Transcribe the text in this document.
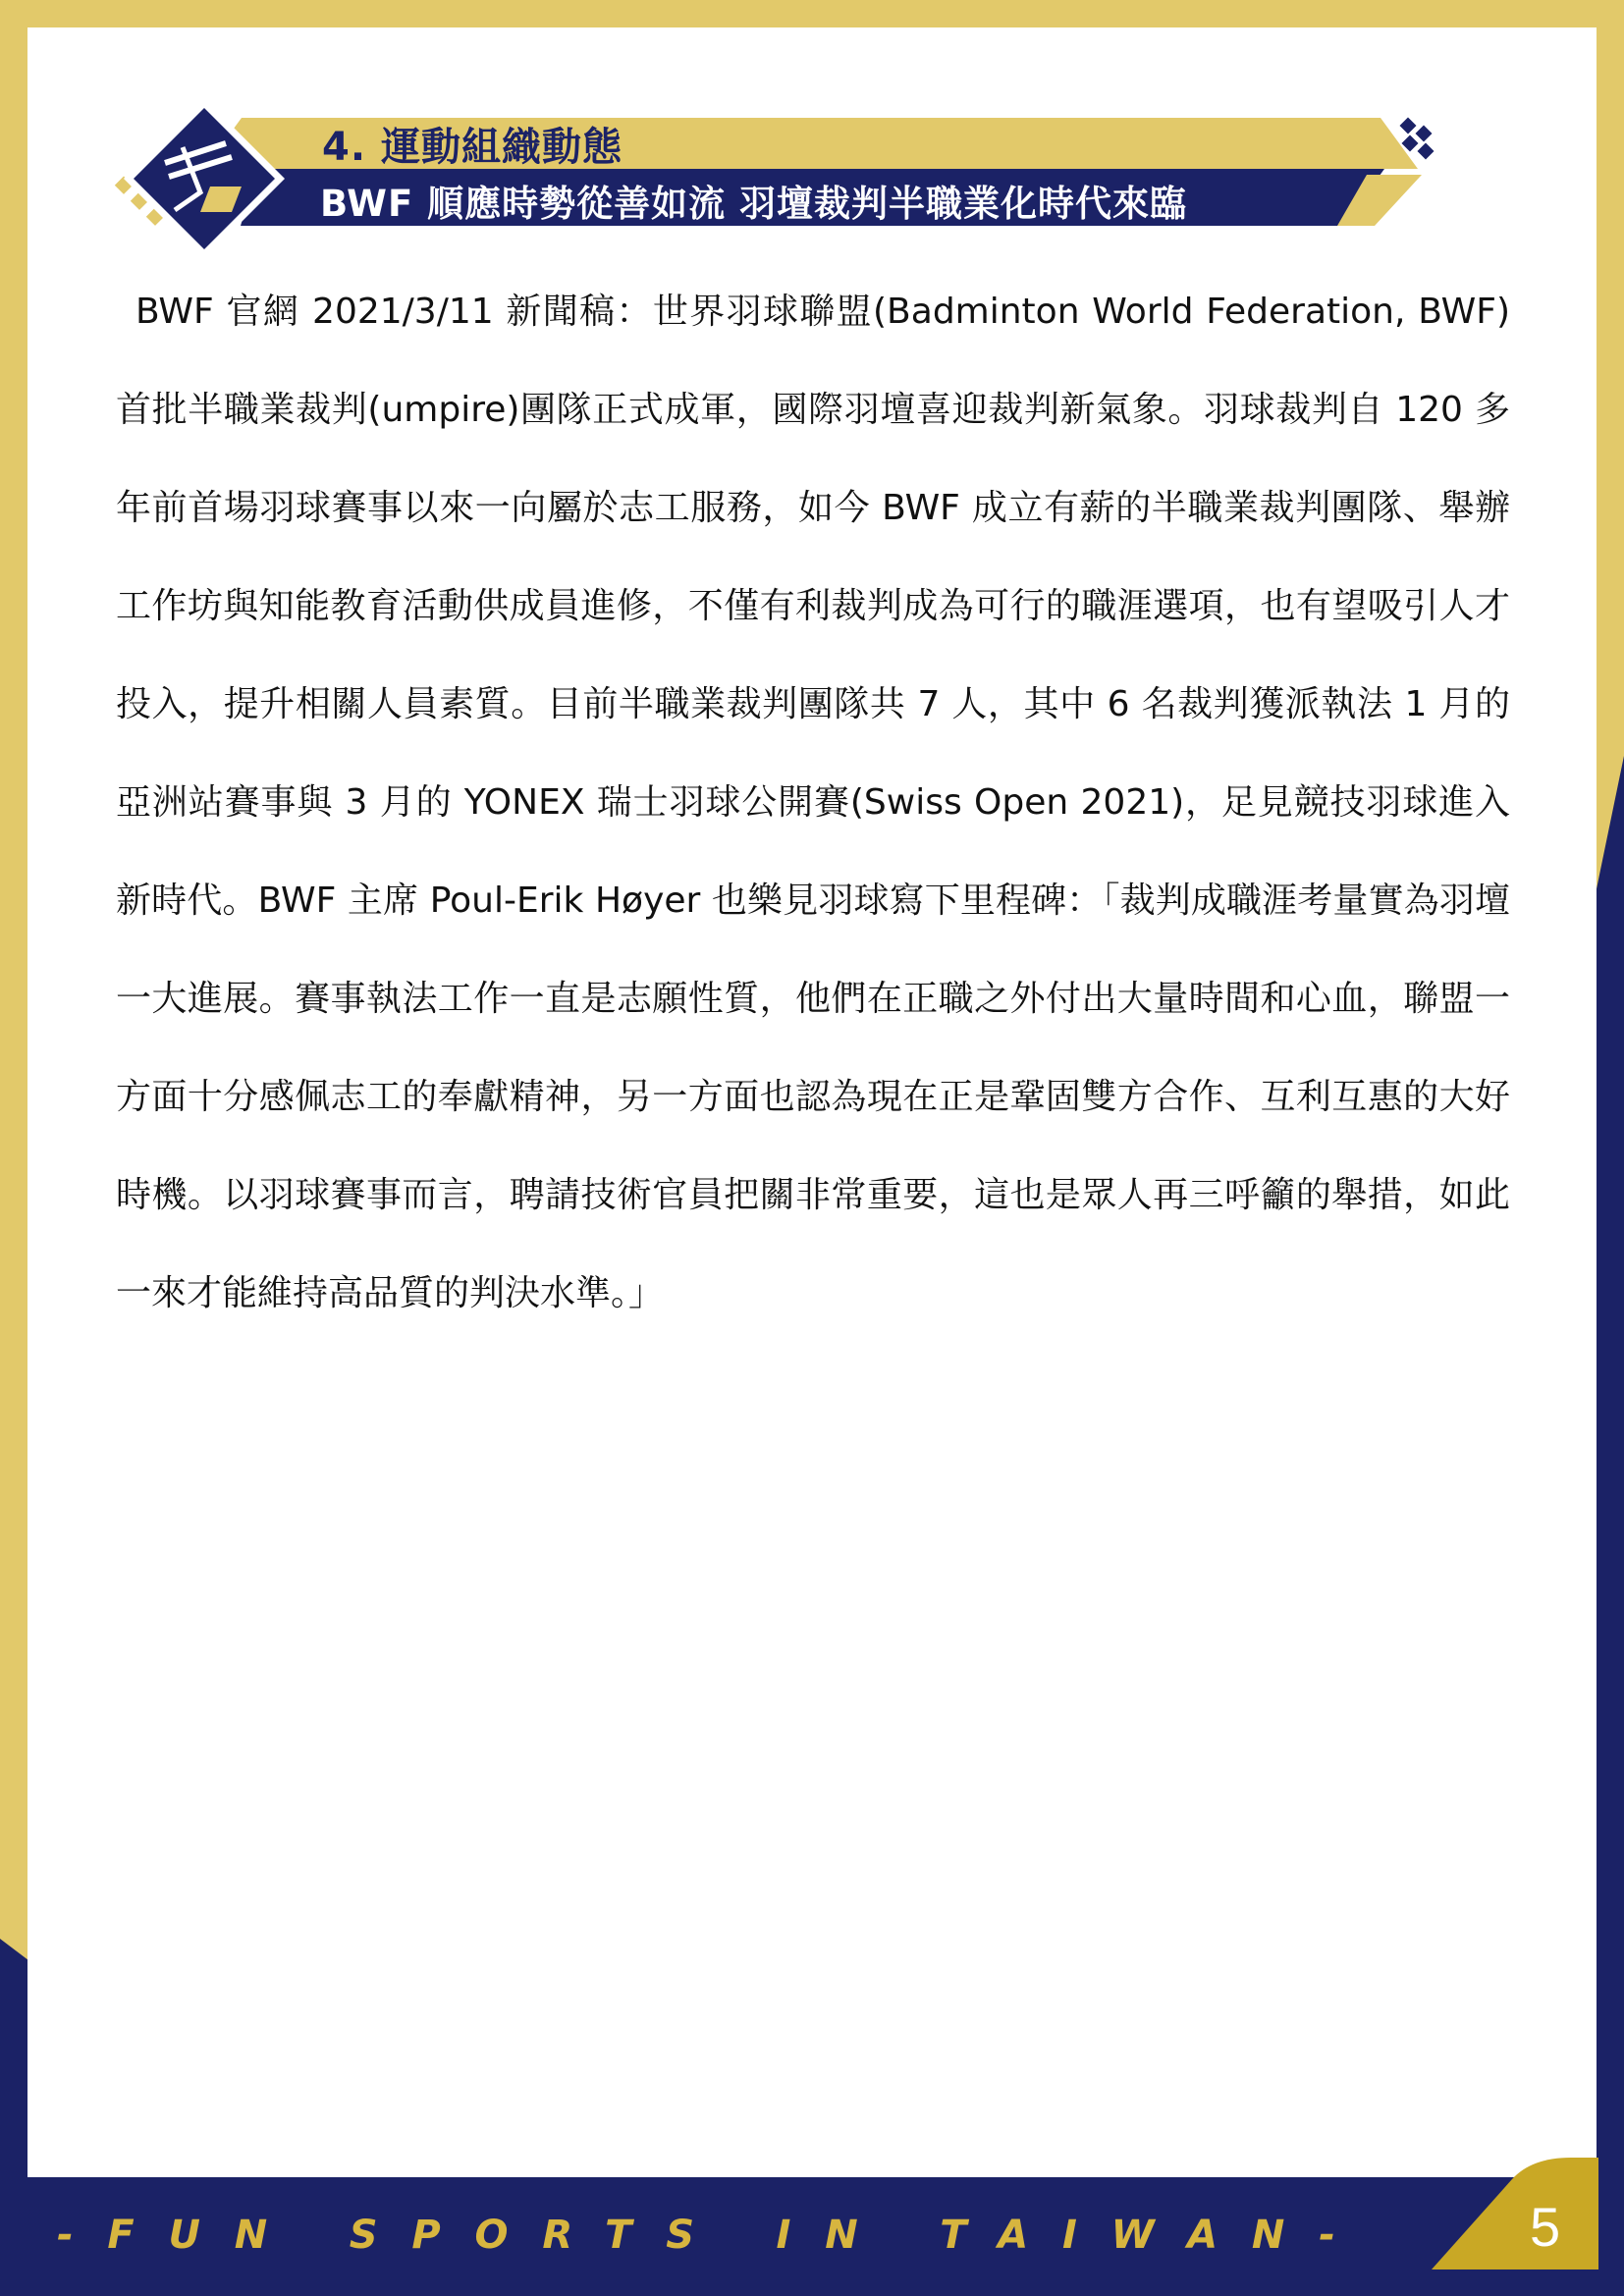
4. 運動組織動態
BWF 順應時勢從善如流 羽壇裁判半職業化時代來臨

BWF 官網 2021/3/11 新聞稿：世界羽球聯盟(Badminton World Federation, BWF)首批半職業裁判(umpire)團隊正式成軍，國際羽壇喜迎裁判新氣象。羽球裁判自 120 多年前首場羽球賽事以來一向屬於志工服務，如今 BWF 成立有薪的半職業裁判團隊、舉辦工作坊與知能教育活動供成員進修，不僅有利裁判成為可行的職涯選項，也有望吸引人才投入，提升相關人員素質。目前半職業裁判團隊共 7 人，其中 6 名裁判獲派執法 1 月的亞洲站賽事與 3 月的 YONEX 瑞士羽球公開賽(Swiss Open 2021)，足見競技羽球進入新時代。BWF 主席 Poul-Erik Høyer 也樂見羽球寫下里程碑：「裁判成職涯考量實為羽壇一大進展。賽事執法工作一直是志願性質，他們在正職之外付出大量時間和心血，聯盟一方面十分感佩志工的奉獻精神，另一方面也認為現在正是鞏固雙方合作、互利互惠的大好時機。以羽球賽事而言，聘請技術官員把關非常重要，這也是眾人再三呼籲的舉措，如此一來才能維持高品質的判決水準。」

-FUN SPORTS IN TAIWAN-	5
